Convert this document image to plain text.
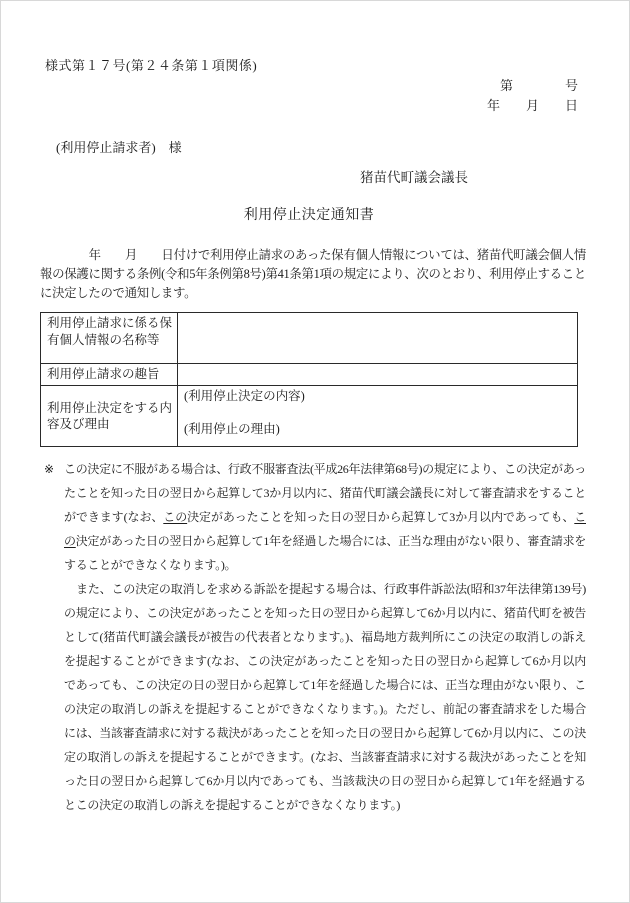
様式第１７号(第２４条第１項関係)
第　　　　号
年　　月　　日
(利用停止請求者)　様
猪苗代町議会議長
利用停止決定通知書

　　　　年　　月　　日付けで利用停止請求のあった保有個人情報については、猪苗代町議会個人情報の保護に関する条例(令和5年条例第8号)第41条第1項の規定により、次のとおり、利用停止することに決定したので通知します。

利用停止請求に係る保有個人情報の名称等	
利用停止請求の趣旨	
利用停止決定をする内容及び理由	(利用停止決定の内容)
(利用停止の理由)
※ この決定に不服がある場合は、行政不服審査法(平成26年法律第68号)の規定により、この決定があったことを知った日の翌日から起算して3か月以内に、猪苗代町議会議長に対して審査請求をすることができます(なお、この決定があったことを知った日の翌日から起算して3か月以内であっても、この決定があった日の翌日から起算して1年を経過した場合には、正当な理由がない限り、審査請求をすることができなくなります。)。

また、この決定の取消しを求める訴訟を提起する場合は、行政事件訴訟法(昭和37年法律第139号)の規定により、この決定があったことを知った日の翌日から起算して6か月以内に、猪苗代町を被告として(猪苗代町議会議長が被告の代表者となります。)、福島地方裁判所にこの決定の取消しの訴えを提起することができます(なお、この決定があったことを知った日の翌日から起算して6か月以内であっても、この決定の日の翌日から起算して1年を経過した場合には、正当な理由がない限り、この決定の取消しの訴えを提起することができなくなります。)。ただし、前記の審査請求をした場合には、当該審査請求に対する裁決があったことを知った日の翌日から起算して6か月以内に、この決定の取消しの訴えを提起することができます。(なお、当該審査請求に対する裁決があったことを知った日の翌日から起算して6か月以内であっても、当該裁決の日の翌日から起算して1年を経過するとこの決定の取消しの訴えを提起することができなくなります。)
